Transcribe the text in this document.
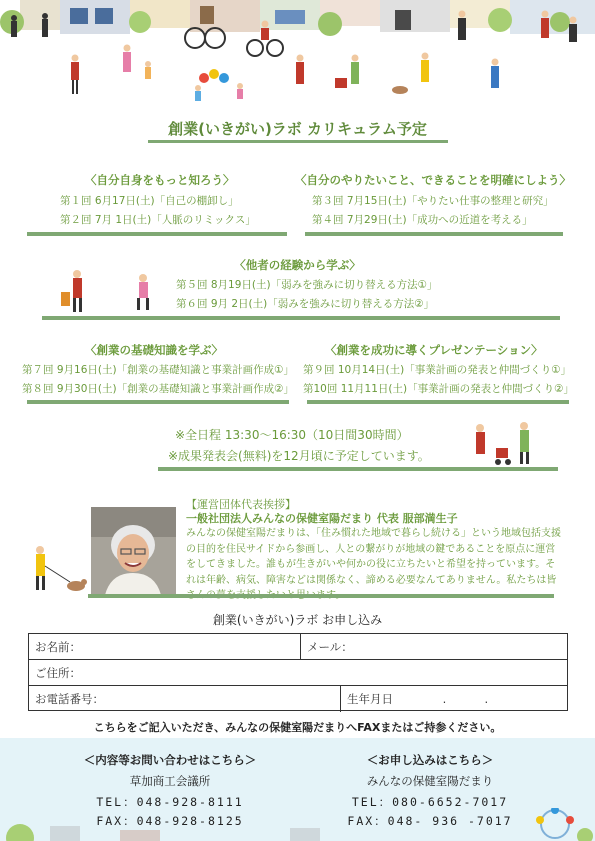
創業(いきがい)ラボ カリキュラム予定
〈自分自身をもっと知ろう〉
第１回 6月17日(土)「自己の棚卸し」
第２回 7月 1日(土)「人脈のリミックス」
〈自分のやりたいこと、できることを明確にしよう〉
第３回 7月15日(土)「やりたい仕事の整理と研究」
第４回 7月29日(土)「成功への近道を考える」
〈他者の経験から学ぶ〉
第５回 8月19日(土)「弱みを強みに切り替える方法①」
第６回 9月 2日(土)「弱みを強みに切り替える方法②」
〈創業の基礎知識を学ぶ〉
第７回 9月16日(土)「創業の基礎知識と事業計画作成①」
第８回 9月30日(土)「創業の基礎知識と事業計画作成②」
〈創業を成功に導くプレゼンテーション〉
第９回 10月14日(土)「事業計画の発表と仲間づくり①」
第10回 11月11日(土)「事業計画の発表と仲間づくり②」
※全日程 13:30〜16:30（10日間30時間）
※成果発表会(無料)を12月頃に予定しています。
【運営団体代表挨拶】
一般社団法人みんなの保健室陽だまり 代表 服部満生子
みんなの保健室陽だまりは、「住み慣れた地域で暮らし続ける」という地域包括支援の目的を住民サイドから参画し、人との繋がりが地域の鍵であることを原点に運営をしてきました。誰もが生きがいや何かの役に立ちたいと希望を持っています。それは年齢、病気、障害などは関係なく、諦める必要なんてありません。私たちは皆
創業(いきがい)ラボ お申し込み
お名前：	メール：
ご住所：
お電話番号：	生年月日　　　　 .　　　 .
こちらをご記入いただき、みんなの保健室陽だまりへFAXまたはご持参ください。
＜内容等お問い合わせはこちら＞
草加商工会議所
TEL：048-928-8111
FAX：048-928-8125
＜お申し込みはこちら＞
みんなの保健室陽だまり
TEL：080-6652-7017
FAX：048- 936 -7017
